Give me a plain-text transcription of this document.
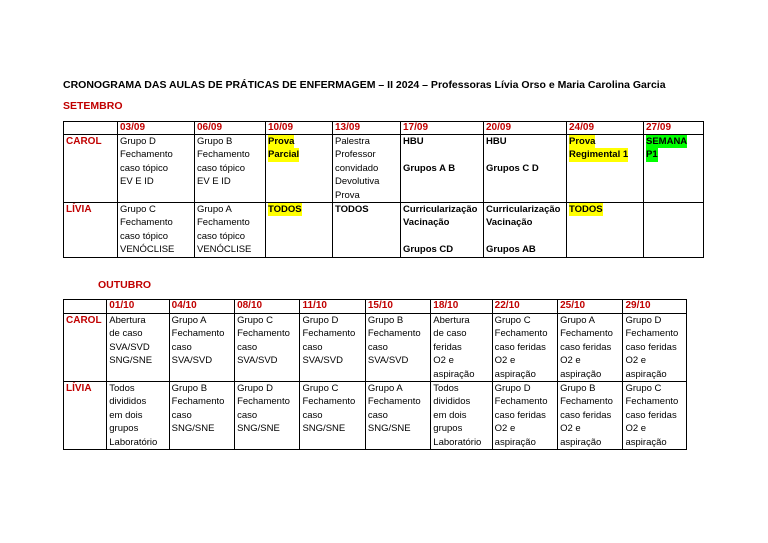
CRONOGRAMA DAS AULAS DE PRÁTICAS DE ENFERMAGEM – II 2024 – Professoras Lívia Orso e Maria Carolina Garcia
SETEMBRO
	03/09	06/09	10/09	13/09	17/09	20/09	24/09	27/09
CAROL	Grupo D
Fechamento
caso tópico
EV E ID	Grupo B
Fechamento
caso tópico
EV E ID	Prova
Parcial	Palestra
Professor
convidado
Devolutiva
Prova	HBU
Grupos A B	HBU
Grupos C D	Prova
Regimental 1	SEMANA
P1

LÍVIA	Grupo C
Fechamento
caso tópico
VENÓCLISE	Grupo A
Fechamento
caso tópico
VENÓCLISE	TODOS	TODOS	Curricularização
Vacinação
Grupos CD	Curricularização
Vacinação
Grupos AB	TODOS

OUTUBRO
	01/10	04/10	08/10	11/10	15/10	18/10	22/10	25/10	29/10
CAROL	Abertura
de caso
SVA/SVD
SNG/SNE	Grupo A
Fechamento
caso
SVA/SVD	Grupo C
Fechamento
caso
SVA/SVD	Grupo D
Fechamento
caso
SVA/SVD	Grupo B
Fechamento
caso
SVA/SVD	Abertura
de caso
feridas
O2 e
aspiração	Grupo C
Fechamento
caso feridas
O2 e
aspiração	Grupo A
Fechamento
caso feridas
O2 e
aspiração	Grupo D
Fechamento
caso feridas
O2 e
aspiração

LÍVIA	Todos
divididos
em dois
grupos
Laboratório	Grupo B
Fechamento
caso
SNG/SNE	Grupo D
Fechamento
caso
SNG/SNE	Grupo C
Fechamento
caso
SNG/SNE	Grupo A
Fechamento
caso
SNG/SNE	Todos
divididos
em dois
grupos
Laboratório	Grupo D
Fechamento
caso feridas
O2 e
aspiração	Grupo B
Fechamento
caso feridas
O2 e
aspiração	Grupo C
Fechamento
caso feridas
O2 e
aspiração
